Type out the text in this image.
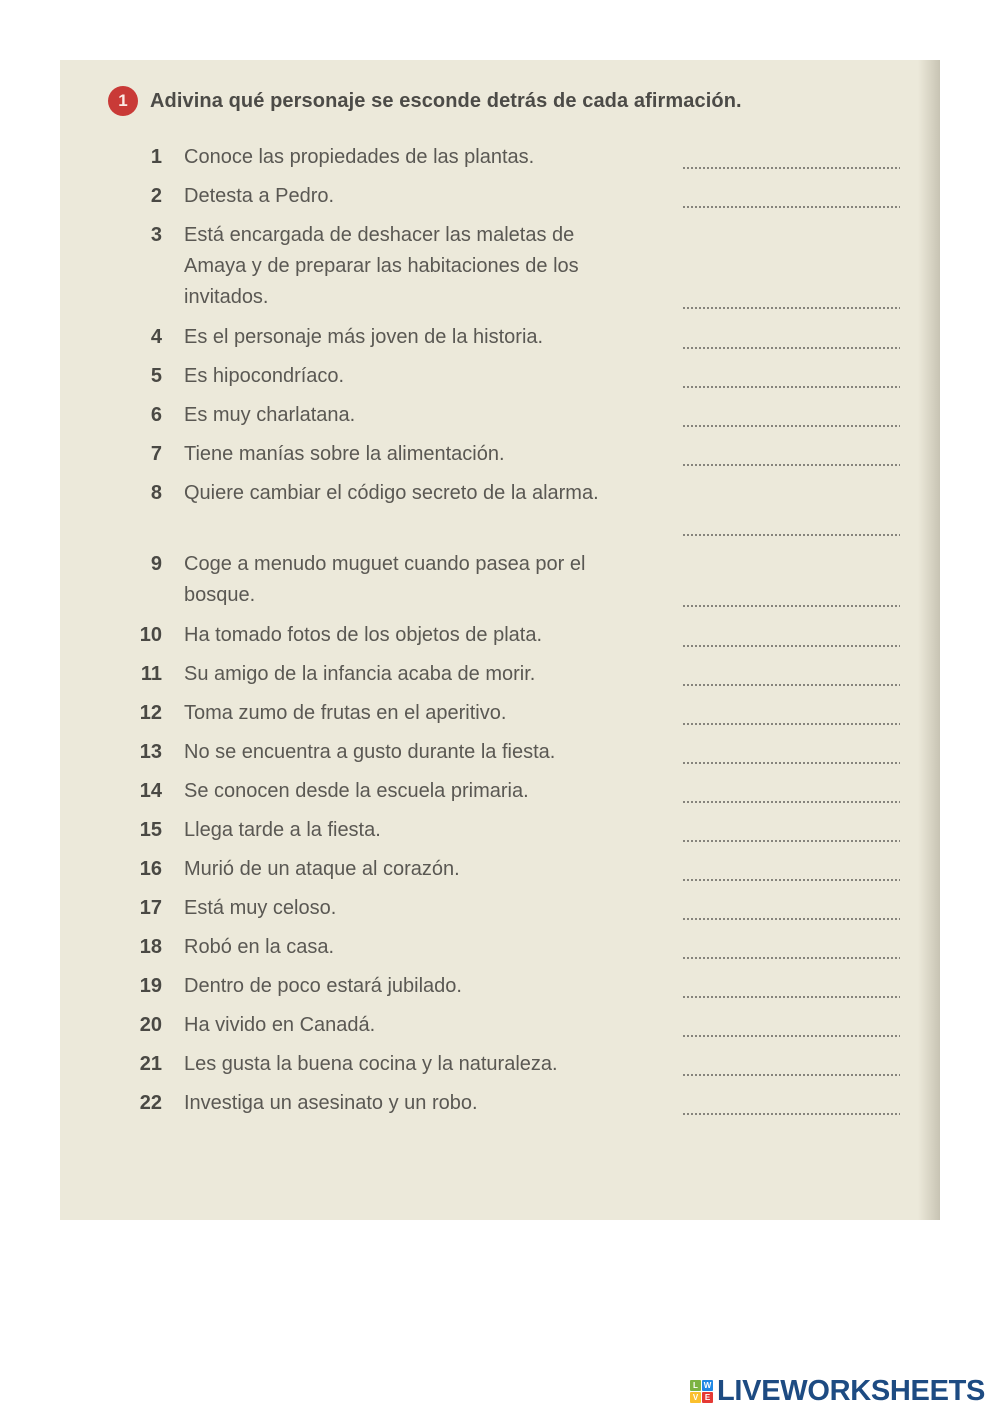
1	Adivina qué personaje se esconde detrás de cada afirmación.
1 Conoce las propiedades de las plantas.
2 Detesta a Pedro.
3 Está encargada de deshacer las maletas de Amaya y de preparar las habitaciones de los invitados.
4 Es el personaje más joven de la historia.
5 Es hipocondríaco.
6 Es muy charlatana.
7 Tiene manías sobre la alimentación.
8 Quiere cambiar el código secreto de la alarma.
9 Coge a menudo muguet cuando pasea por el bosque.
10 Ha tomado fotos de los objetos de plata.
11 Su amigo de la infancia acaba de morir.
12 Toma zumo de frutas en el aperitivo.
13 No se encuentra a gusto durante la fiesta.
14 Se conocen desde la escuela primaria.
15 Llega tarde a la fiesta.
16 Murió de un ataque al corazón.
17 Está muy celoso.
18 Robó en la casa.
19 Dentro de poco estará jubilado.
20 Ha vivido en Canadá.
21 Les gusta la buena cocina y la naturaleza.
22 Investiga un asesinato y un robo.
L W
V E LIVEWORKSHEETS
